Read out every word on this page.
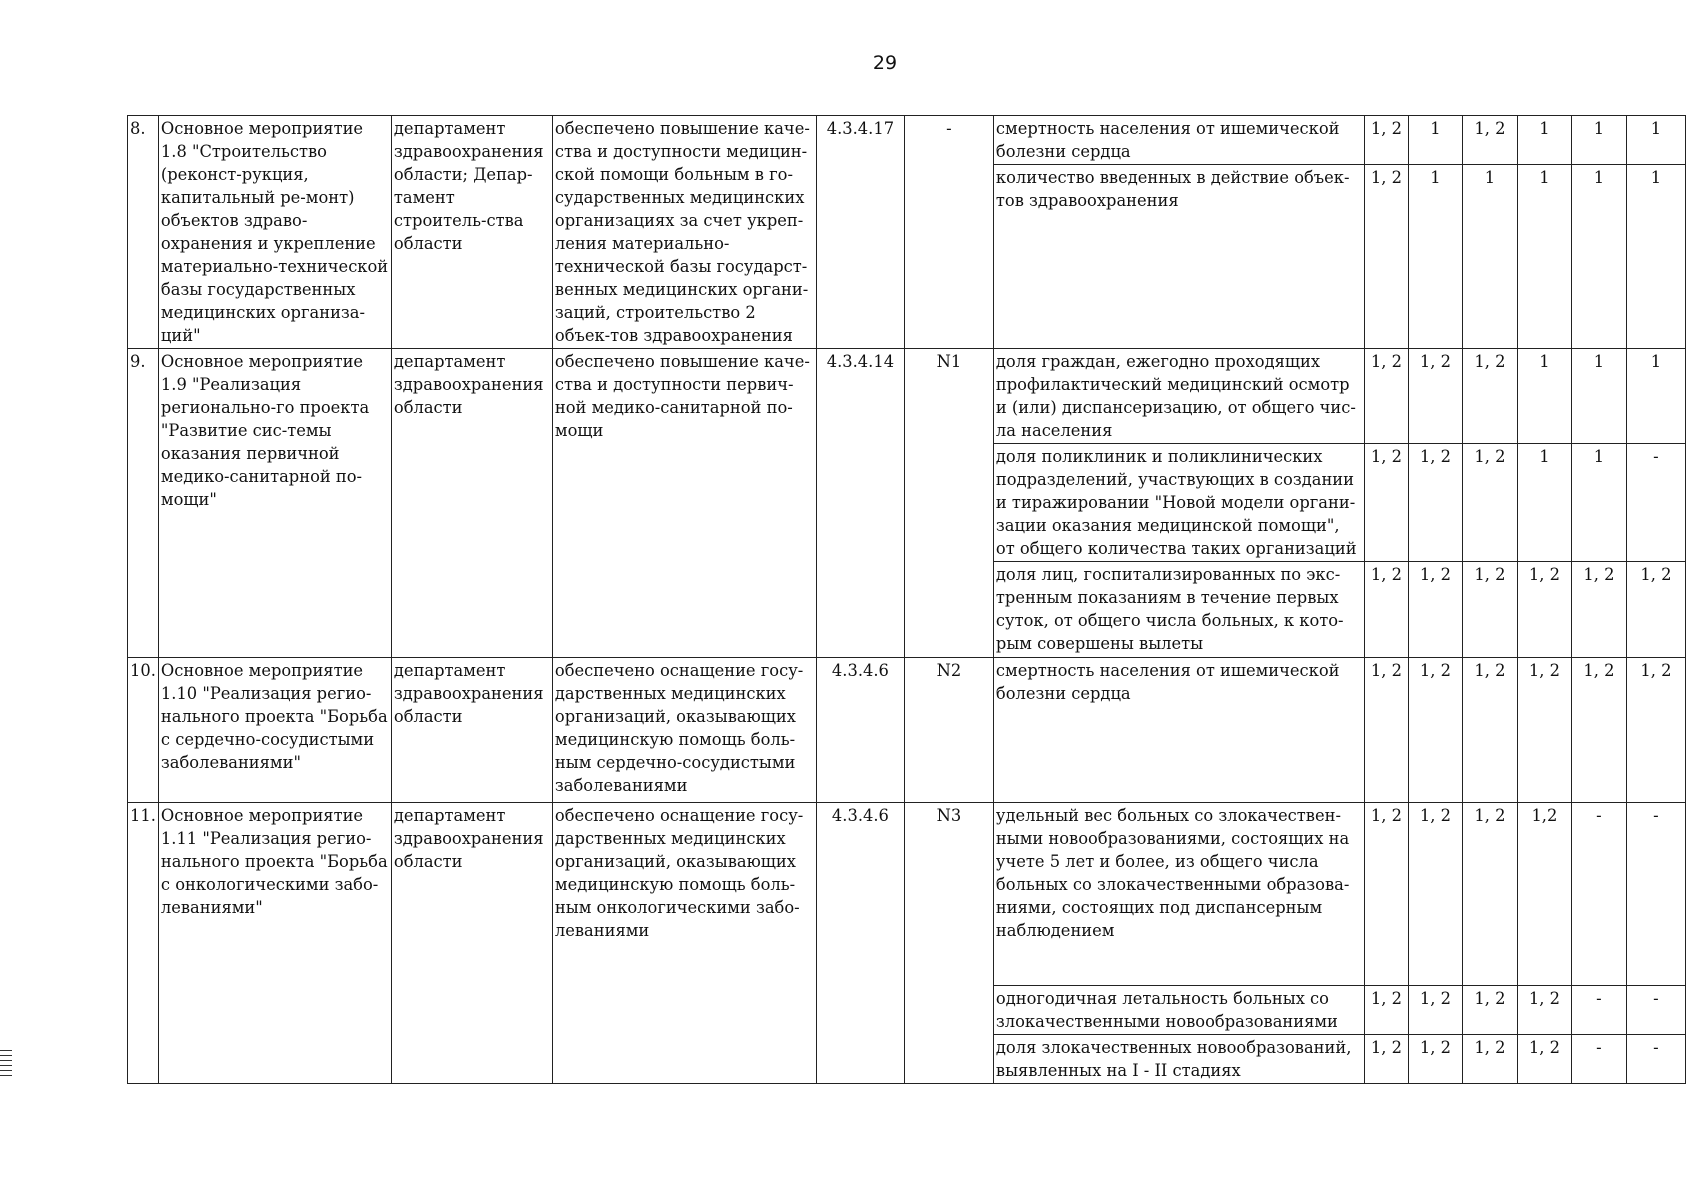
29
8.	Основное мероприятие 1.8 "Строительство (реконст-рукция, капитальный ре-монт) объектов здраво-охранения и укрепление материально-технической базы государственных медицинских организа-ций"	департамент здравоохранения области; Депар-тамент строитель-ства области	обеспечено повышение каче-ства и доступности медицин-ской помощи больным в го-сударственных медицинских организациях за счет укреп-ления материально-технической базы государст-венных медицинских органи-заций, строительство 2 объек-тов здравоохранения	4.3.4.17	-	смертность населения от ишемической болезни сердца	1, 2	1	1, 2	1	1	1
						количество введенных в действие объек-тов здравоохранения	1, 2	1	1	1	1	1
9.	Основное мероприятие 1.9 "Реализация регионально-го проекта "Развитие сис-темы оказания первичной медико-санитарной по-мощи"	департамент здравоохранения области	обеспечено повышение каче-ства и доступности первич-ной медико-санитарной по-мощи	4.3.4.14	N1	доля граждан, ежегодно проходящих профилактический медицинский осмотр и (или) диспансеризацию, от общего чис-ла населения	1, 2	1, 2	1, 2	1	1	1
						доля поликлиник и поликлинических подразделений, участвующих в создании и тиражировании "Новой модели органи-зации оказания медицинской помощи", от общего количества таких организаций	1, 2	1, 2	1, 2	1	1	-
						доля лиц, госпитализированных по экс-тренным показаниям в течение первых суток, от общего числа больных, к кото-рым совершены вылеты	1, 2	1, 2	1, 2	1, 2	1, 2	1, 2
10.	Основное мероприятие 1.10 "Реализация регио-нального проекта "Борьба с сердечно-сосудистыми заболеваниями"	департамент здравоохранения области	обеспечено оснащение госу-дарственных медицинских организаций, оказывающих медицинскую помощь боль-ным сердечно-сосудистыми заболеваниями	4.3.4.6	N2	смертность населения от ишемической болезни сердца	1, 2	1, 2	1, 2	1, 2	1, 2	1, 2
11.	Основное мероприятие 1.11 "Реализация регио-нального проекта "Борьба с онкологическими забо-леваниями"	департамент здравоохранения области	обеспечено оснащение госу-дарственных медицинских организаций, оказывающих медицинскую помощь боль-ным онкологическими забо-леваниями	4.3.4.6	N3	удельный вес больных со злокачествен-ными новообразованиями, состоящих на учете 5 лет и более, из общего числа больных со злокачественными образова-ниями, состоящих под диспансерным наблюдением	1, 2	1, 2	1, 2	1,2	-	-
						одногодичная летальность больных со злокачественными новообразованиями	1, 2	1, 2	1, 2	1, 2	-	-
						доля злокачественных новообразований, выявленных на I - II стадиях	1, 2	1, 2	1, 2	1, 2	-	-
